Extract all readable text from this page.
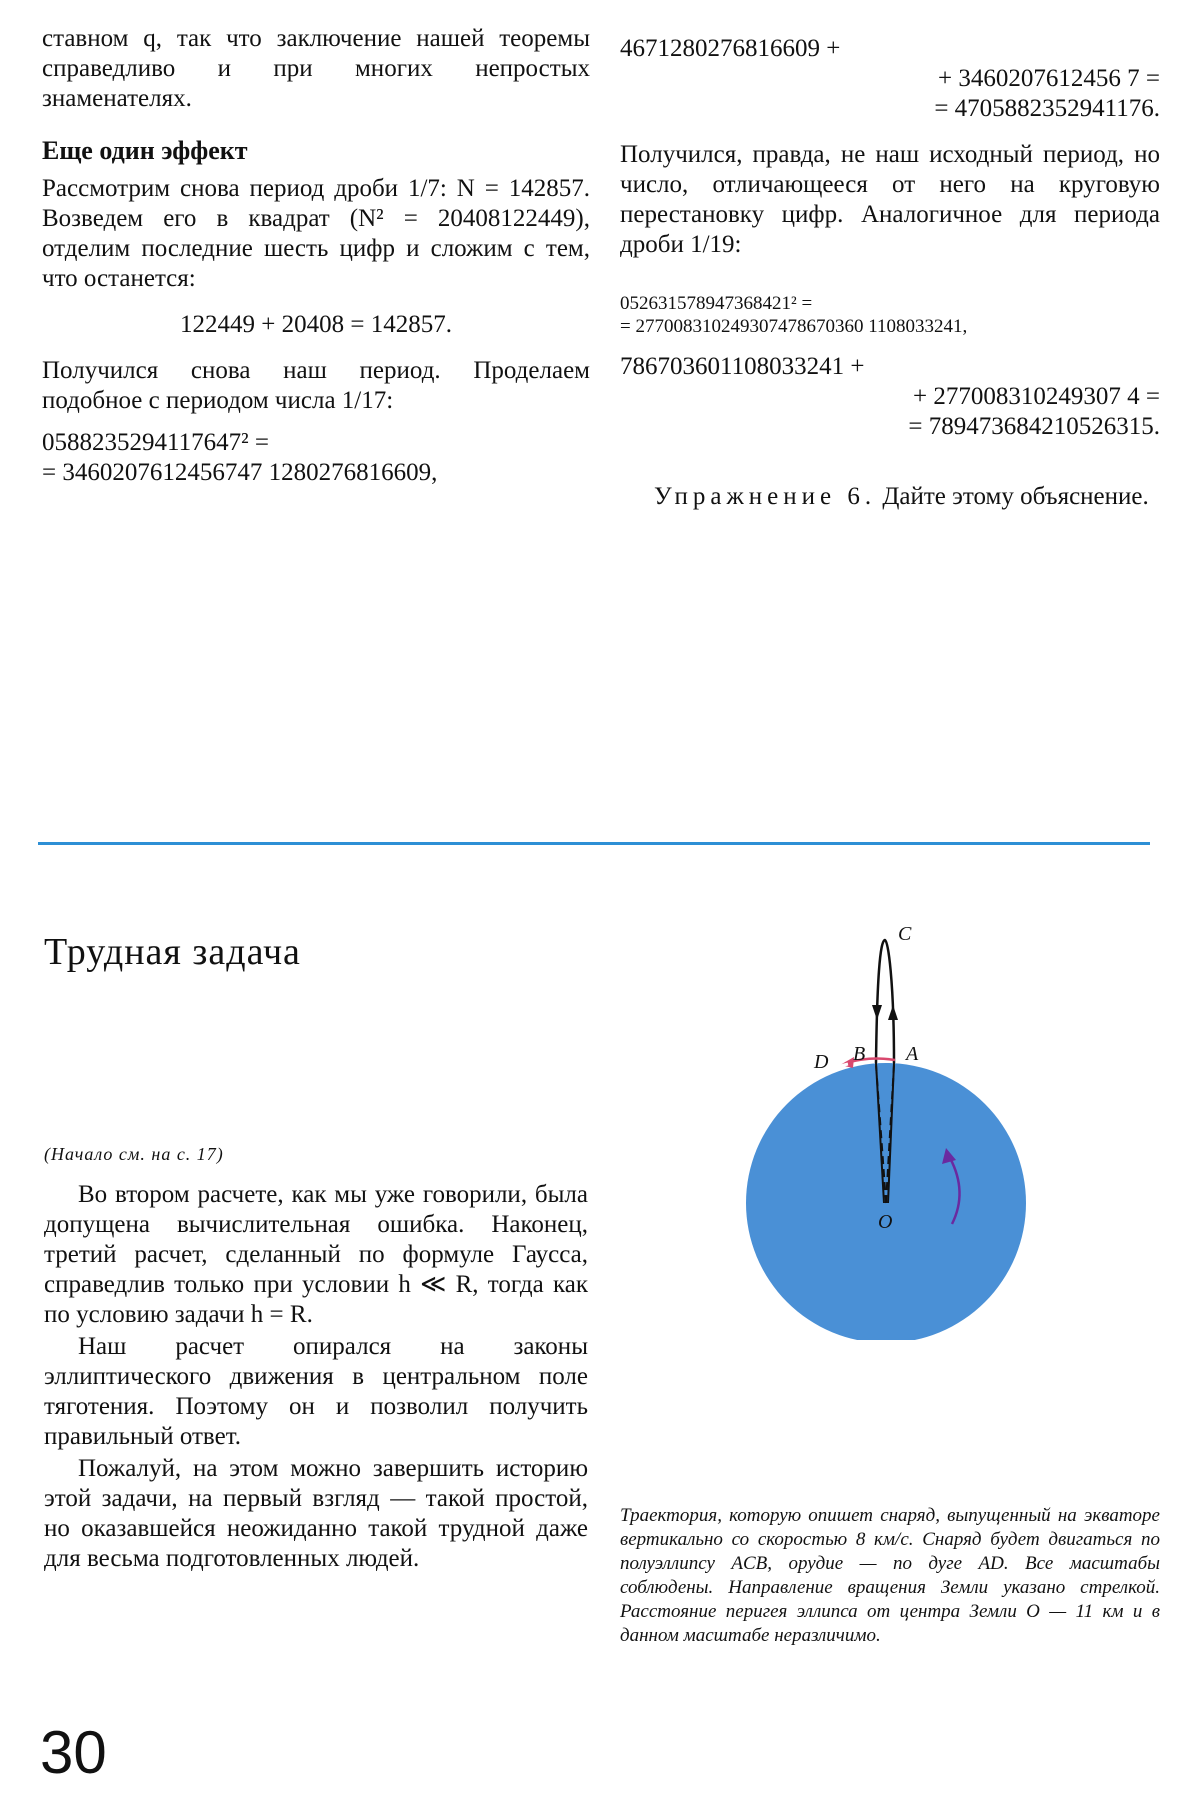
ставном q, так что заключение нашей теоремы справедливо и при многих непростых знаменателях.

Еще один эффект

Рассмотрим снова период дроби 1/7: N = 142857. Возведем его в квадрат (N² = 20408122449), отделим последние шесть цифр и сложим с тем, что останется:

122449 + 20408 = 142857.

Получился снова наш период. Проделаем подобное с периодом числа 1/17:

0588235294117647² =

= 3460207612456747 1280276816609,

4671280276816609 +

+ 3460207612456 7 =

= 4705882352941176.

Получился, правда, не наш исходный период, но число, отличающееся от него на круговую перестановку цифр. Аналогичное для периода дроби 1/19:

052631578947368421² =

= 277008310249307478670360 1108033241,

786703601108033241 +

+ 277008310249307 4 =

= 789473684210526315.

Упражнение 6. Дайте этому объяснение.

Трудная задача

(Начало см. на с. 17)

Во втором расчете, как мы уже говорили, была допущена вычислительная ошибка. Наконец, третий расчет, сделанный по формуле Гаусса, справедлив только при условии h ≪ R, тогда как по условию задачи h = R.

Наш расчет опирался на законы эллиптического движения в центральном поле тяготения. Поэтому он и позволил получить правильный ответ.

Пожалуй, на этом можно завершить историю этой задачи, на первый взгляд — такой простой, но оказавшейся неожиданно такой трудной даже для весьма подготовленных людей.

C
D B A
O

Траектория, которую опишет снаряд, выпущенный на экваторе вертикально со скоростью 8 км/с. Снаряд будет двигаться по полуэллипсу ACB, орудие — по дуге AD. Все масштабы соблюдены. Направление вращения Земли указано стрелкой. Расстояние перигея эллипса от центра Земли O — 11 км и в данном масштабе неразличимо.

30
